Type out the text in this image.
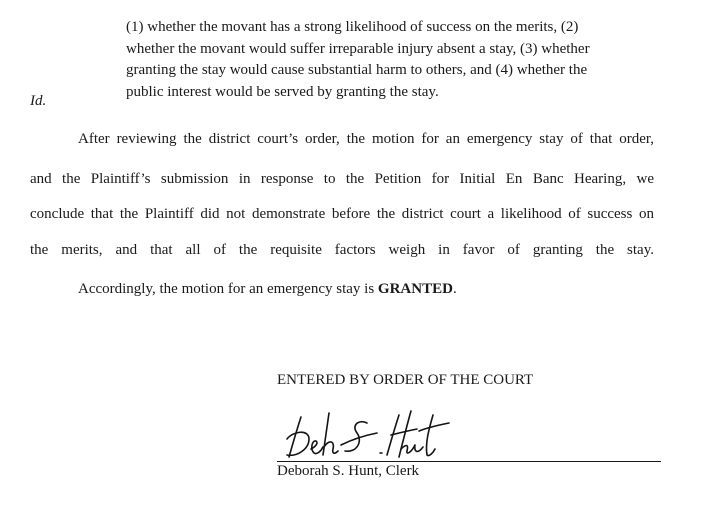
(1) whether the movant has a strong likelihood of success on the merits, (2)
whether the movant would suffer irreparable injury absent a stay, (3) whether
granting the stay would cause substantial harm to others, and (4) whether the
public interest would be served by granting the stay.
Id.
After reviewing the district court’s order, the motion for an emergency stay of that order,
and the Plaintiff’s submission in response to the Petition for Initial En Banc Hearing, we
conclude that the Plaintiff did not demonstrate before the district court a likelihood of success on
the merits, and that all of the requisite factors weigh in favor of granting the stay.
Accordingly, the motion for an emergency stay is GRANTED.
ENTERED BY ORDER OF THE COURT
Deborah S. Hunt, Clerk
